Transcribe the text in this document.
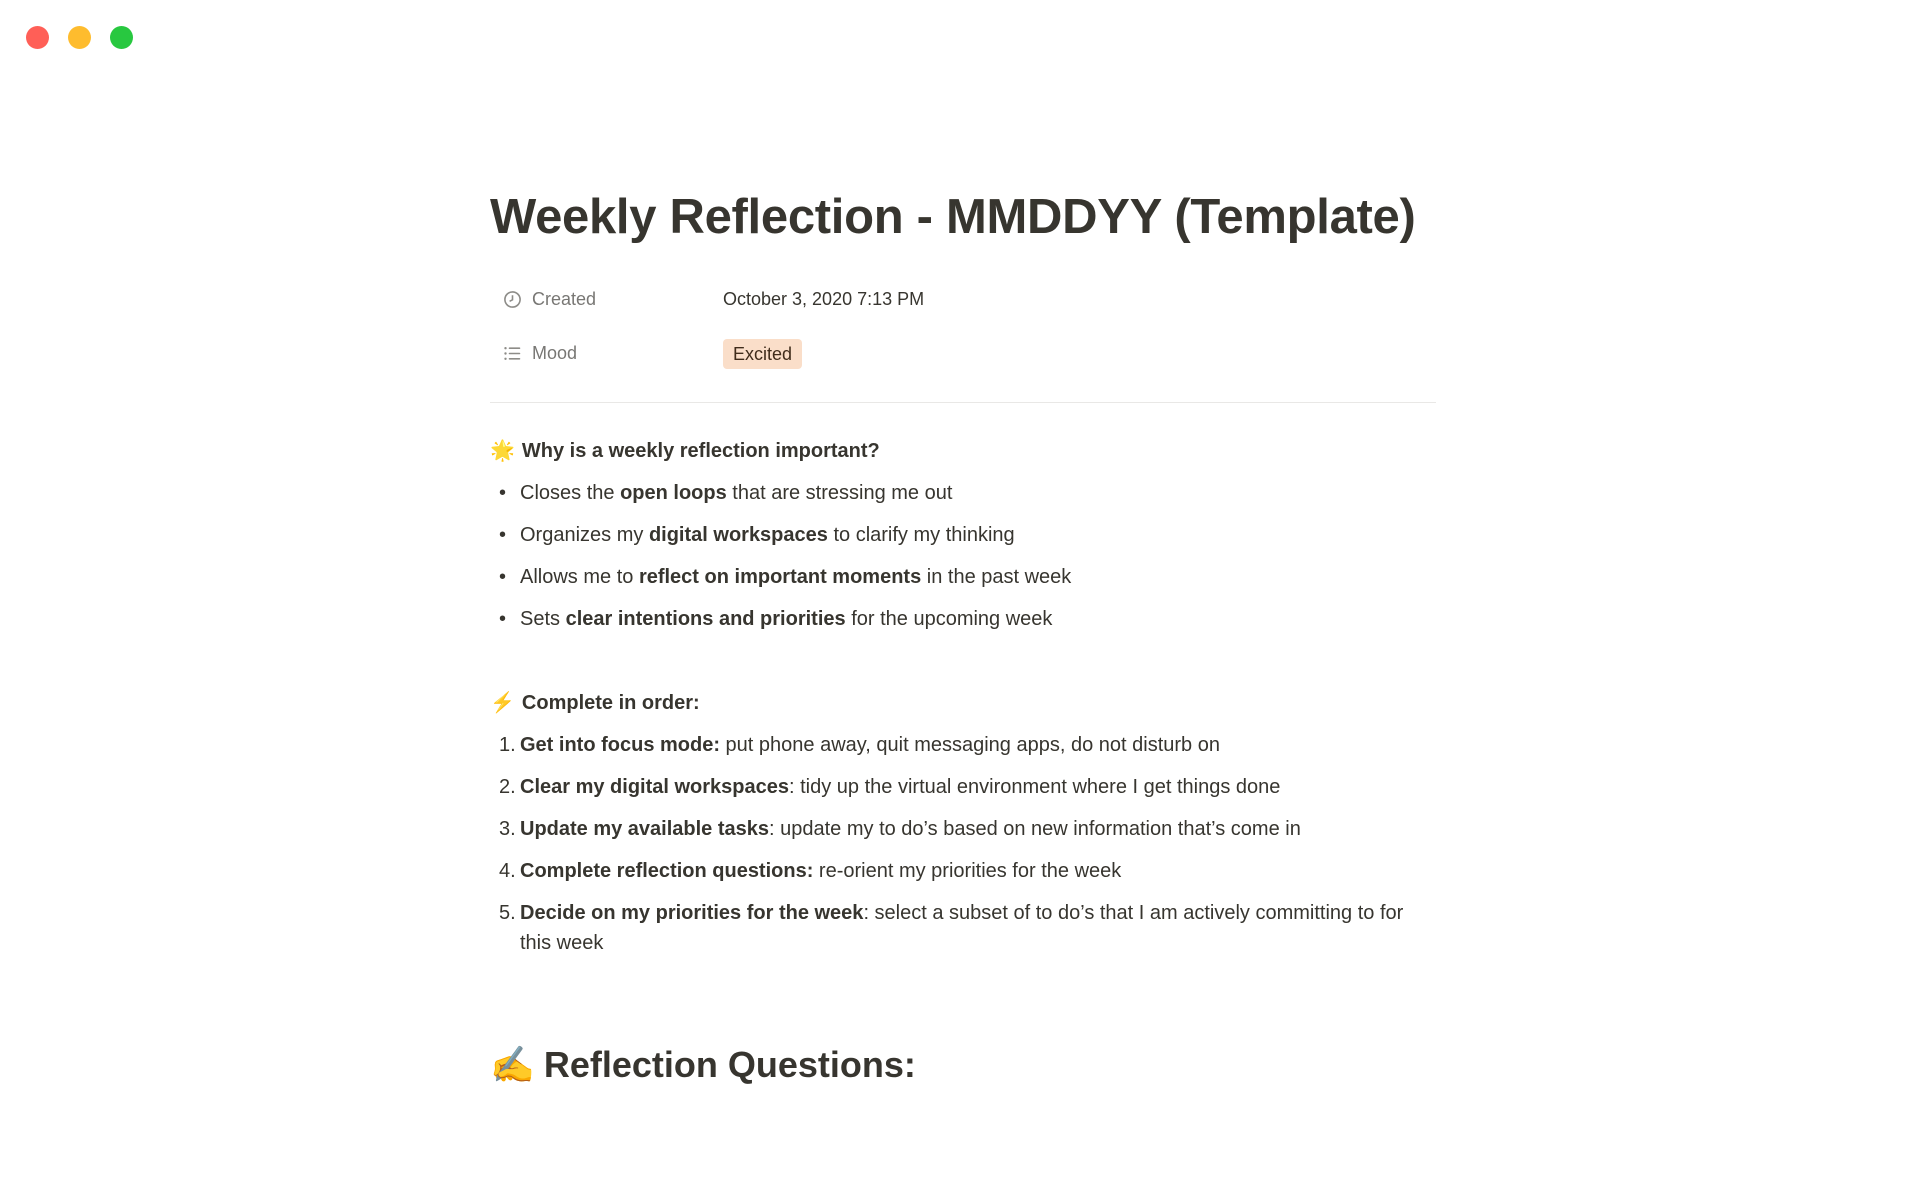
Weekly Reflection - MMDDYY (Template)
Created	October 3, 2020 7:13 PM
Mood	Excited
🌟 Why is a weekly reflection important?
• Closes the open loops that are stressing me out
• Organizes my digital workspaces to clarify my thinking
• Allows me to reflect on important moments in the past week
• Sets clear intentions and priorities for the upcoming week
⚡ Complete in order:
1. Get into focus mode: put phone away, quit messaging apps, do not disturb on
2. Clear my digital workspaces: tidy up the virtual environment where I get things done
3. Update my available tasks: update my to do’s based on new information that’s come in
4. Complete reflection questions: re-orient my priorities for the week
5. Decide on my priorities for the week: select a subset of to do’s that I am actively committing to for this week
✍️ Reflection Questions:
